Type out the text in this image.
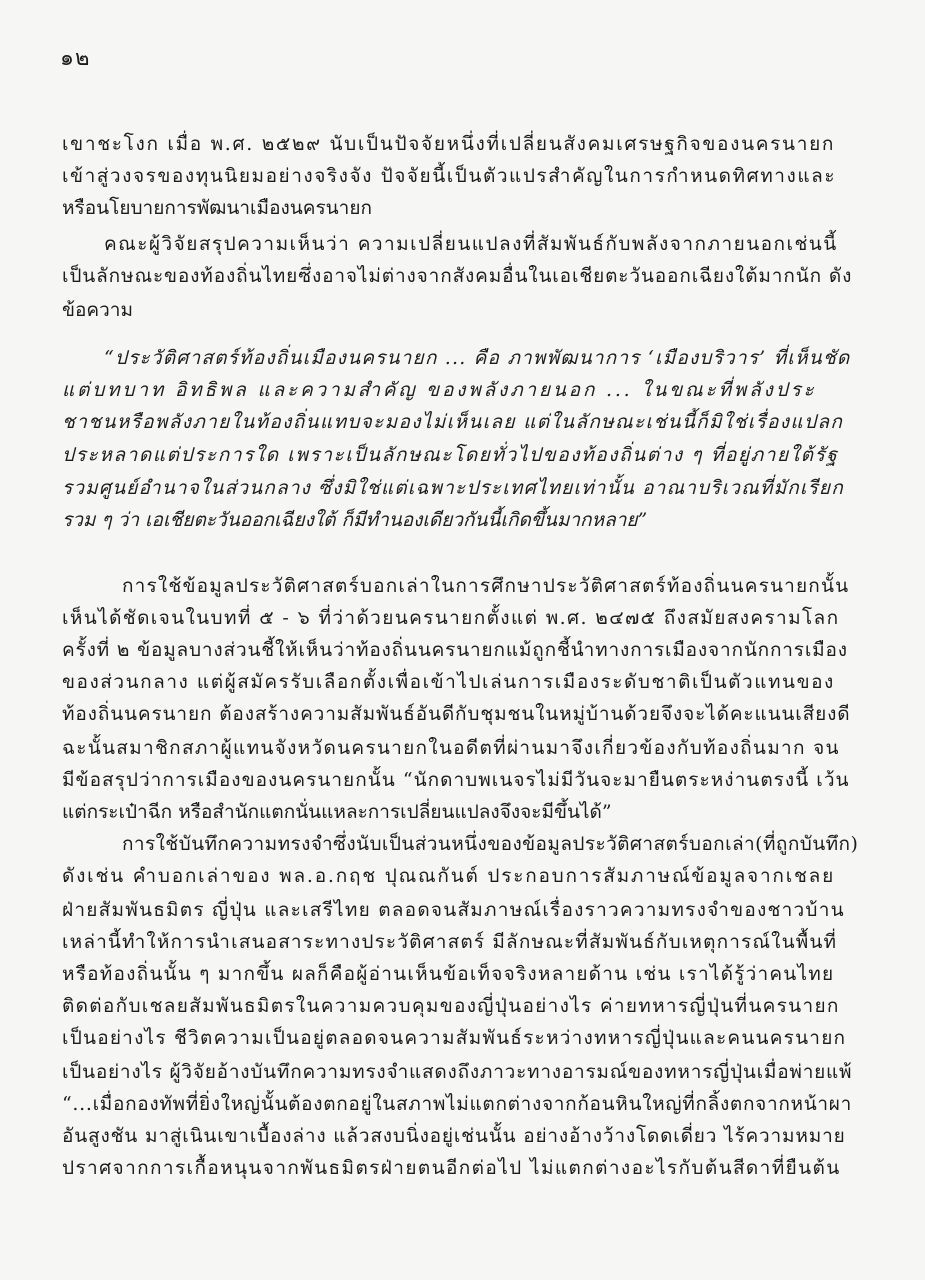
๑๒
เขาชะโงก เมื่อ พ.ศ. ๒๕๒๙ นับเป็นปัจจัยหนึ่งที่เปลี่ยนสังคมเศรษฐกิจของนครนายก
เข้าสู่วงจรของทุนนิยมอย่างจริงจัง ปัจจัยนี้เป็นตัวแปรสำคัญในการกำหนดทิศทางและ
หรือนโยบายการพัฒนาเมืองนครนายก
คณะผู้วิจัยสรุปความเห็นว่า ความเปลี่ยนแปลงที่สัมพันธ์กับพลังจากภายนอกเช่นนี้
เป็นลักษณะของท้องถิ่นไทยซึ่งอาจไม่ต่างจากสังคมอื่นในเอเชียตะวันออกเฉียงใต้มากนัก ดัง
ข้อความ
“ประวัติศาสตร์ท้องถิ่นเมืองนครนายก ... คือ ภาพพัฒนาการ ‘เมืองบริวาร’ ที่เห็นชัด
แต่บทบาท อิทธิพล และความสำคัญ ของพลังภายนอก ... ในขณะที่พลังประ
ชาชนหรือพลังภายในท้องถิ่นแทบจะมองไม่เห็นเลย แต่ในลักษณะเช่นนี้ก็มิใช่เรื่องแปลก
ประหลาดแต่ประการใด เพราะเป็นลักษณะโดยทั่วไปของท้องถิ่นต่าง ๆ ที่อยู่ภายใต้รัฐ
รวมศูนย์อำนาจในส่วนกลาง ซึ่งมิใช่แต่เฉพาะประเทศไทยเท่านั้น อาณาบริเวณที่มักเรียก
รวม ๆ ว่า เอเชียตะวันออกเฉียงใต้ ก็มีทำนองเดียวกันนี้เกิดขึ้นมากหลาย”
การใช้ข้อมูลประวัติศาสตร์บอกเล่าในการศึกษาประวัติศาสตร์ท้องถิ่นนครนายกนั้น
เห็นได้ชัดเจนในบทที่ ๕ - ๖ ที่ว่าด้วยนครนายกตั้งแต่ พ.ศ. ๒๔๗๕ ถึงสมัยสงครามโลก
ครั้งที่ ๒ ข้อมูลบางส่วนชี้ให้เห็นว่าท้องถิ่นนครนายกแม้ถูกชี้นำทางการเมืองจากนักการเมือง
ของส่วนกลาง แต่ผู้สมัครรับเลือกตั้งเพื่อเข้าไปเล่นการเมืองระดับชาติเป็นตัวแทนของ
ท้องถิ่นนครนายก ต้องสร้างความสัมพันธ์อันดีกับชุมชนในหมู่บ้านด้วยจึงจะได้คะแนนเสียงดี
ฉะนั้นสมาชิกสภาผู้แทนจังหวัดนครนายกในอดีตที่ผ่านมาจึงเกี่ยวข้องกับท้องถิ่นมาก จน
มีข้อสรุปว่าการเมืองของนครนายกนั้น “นักดาบพเนจรไม่มีวันจะมายืนตระหง่านตรงนี้ เว้น
แต่กระเป๋าฉีก หรือสำนักแตกนั่นแหละการเปลี่ยนแปลงจึงจะมีขึ้นได้”
การใช้บันทึกความทรงจำซึ่งนับเป็นส่วนหนึ่งของข้อมูลประวัติศาสตร์บอกเล่า(ที่ถูกบันทึก)
ดังเช่น คำบอกเล่าของ พล.อ.กฤช ปุณณกันต์ ประกอบการสัมภาษณ์ข้อมูลจากเชลย
ฝ่ายสัมพันธมิตร ญี่ปุ่น และเสรีไทย ตลอดจนสัมภาษณ์เรื่องราวความทรงจำของชาวบ้าน
เหล่านี้ทำให้การนำเสนอสาระทางประวัติศาสตร์ มีลักษณะที่สัมพันธ์กับเหตุการณ์ในพื้นที่
หรือท้องถิ่นนั้น ๆ มากขึ้น ผลก็คือผู้อ่านเห็นข้อเท็จจริงหลายด้าน เช่น เราได้รู้ว่าคนไทย
ติดต่อกับเชลยสัมพันธมิตรในความควบคุมของญี่ปุ่นอย่างไร ค่ายทหารญี่ปุ่นที่นครนายก
เป็นอย่างไร ชีวิตความเป็นอยู่ตลอดจนความสัมพันธ์ระหว่างทหารญี่ปุ่นและคนนครนายก
เป็นอย่างไร ผู้วิจัยอ้างบันทึกความทรงจำแสดงถึงภาวะทางอารมณ์ของทหารญี่ปุ่นเมื่อพ่ายแพ้
“...เมื่อกองทัพที่ยิ่งใหญ่นั้นต้องตกอยู่ในสภาพไม่แตกต่างจากก้อนหินใหญ่ที่กลิ้งตกจากหน้าผา
อันสูงชัน มาสู่เนินเขาเบื้องล่าง แล้วสงบนิ่งอยู่เช่นนั้น อย่างอ้างว้างโดดเดี่ยว ไร้ความหมาย
ปราศจากการเกื้อหนุนจากพันธมิตรฝ่ายตนอีกต่อไป ไม่แตกต่างอะไรกับต้นสีดาที่ยืนต้น
